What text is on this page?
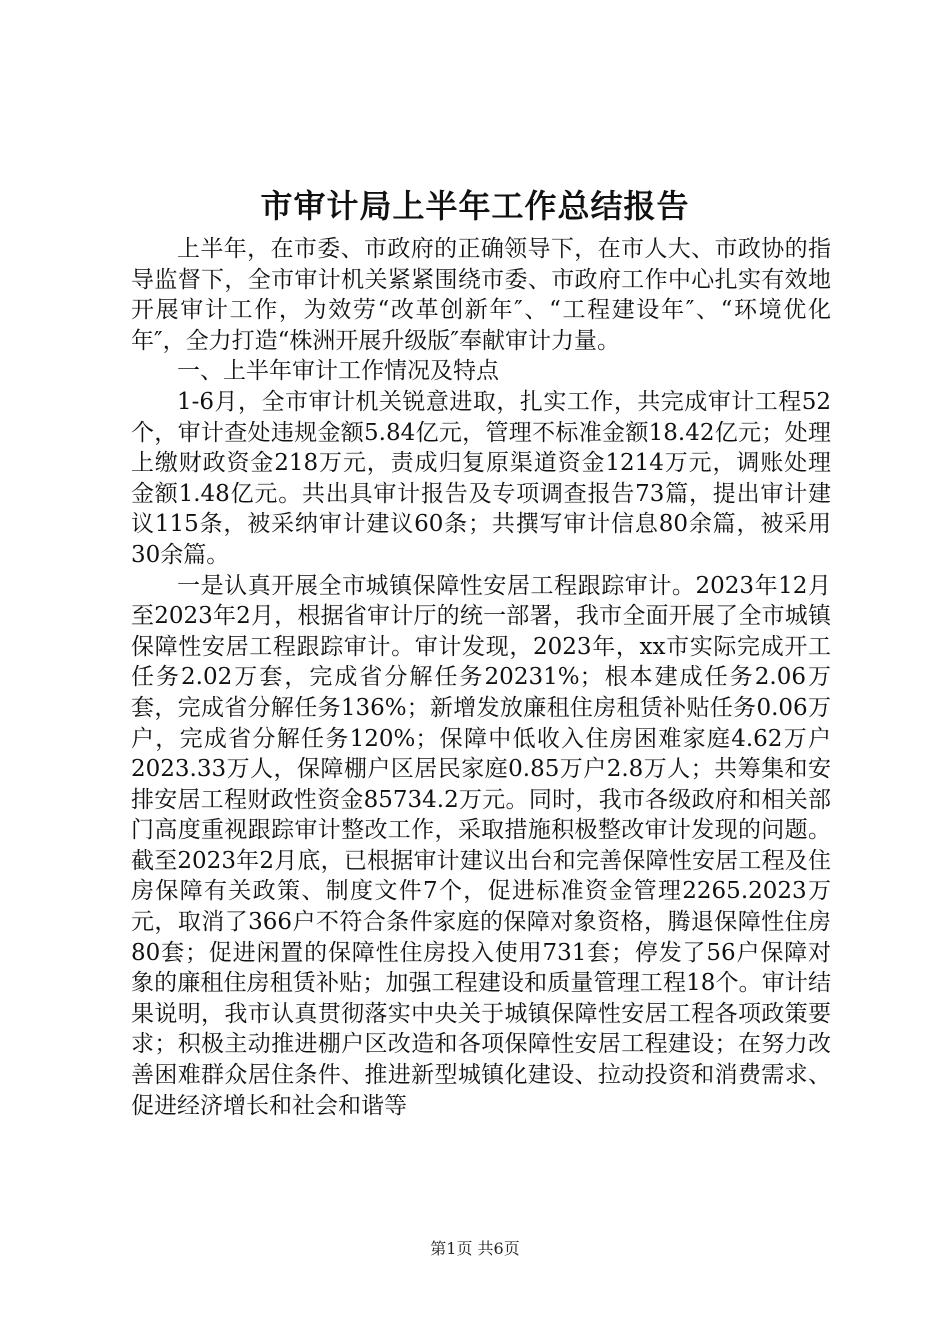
市审计局上半年工作总结报告

上半年，在市委、市政府的正确领导下，在市人大、市政协的指导监督下，全市审计机关紧紧围绕市委、市政府工作中心扎实有效地开展审计工作，为效劳“改革创新年″、“工程建设年″、“环境优化年″，全力打造“株洲开展升级版″奉献审计力量。

一、上半年审计工作情况及特点

1-6月，全市审计机关锐意进取，扎实工作，共完成审计工程52个，审计查处违规金额5.84亿元，管理不标准金额18.42亿元；处理上缴财政资金218万元，责成归复原渠道资金1214万元，调账处理金额1.48亿元。共出具审计报告及专项调查报告73篇，提出审计建议115条，被采纳审计建议60条；共撰写审计信息80余篇，被采用30余篇。

一是认真开展全市城镇保障性安居工程跟踪审计。2023年12月至2023年2月，根据省审计厅的统一部署，我市全面开展了全市城镇保障性安居工程跟踪审计。审计发现，2023年，xx市实际完成开工任务2.02万套，完成省分解任务20231%；根本建成任务2.06万套，完成省分解任务136%；新增发放廉租住房租赁补贴任务0.06万户，完成省分解任务120%；保障中低收入住房困难家庭4.62万户2023.33万人，保障棚户区居民家庭0.85万户2.8万人；共筹集和安排安居工程财政性资金85734.2万元。同时，我市各级政府和相关部门高度重视跟踪审计整改工作，采取措施积极整改审计发现的问题。截至2023年2月底，已根据审计建议出台和完善保障性安居工程及住房保障有关政策、制度文件7个，促进标准资金管理2265.2023万元，取消了366户不符合条件家庭的保障对象资格，腾退保障性住房80套；促进闲置的保障性住房投入使用731套；停发了56户保障对象的廉租住房租赁补贴；加强工程建设和质量管理工程18个。审计结果说明，我市认真贯彻落实中央关于城镇保障性安居工程各项政策要求；积极主动推进棚户区改造和各项保障性安居工程建设；在努力改善困难群众居住条件、推进新型城镇化建设、拉动投资和消费需求、促进经济增长和社会和谐等

第1页 共6页
